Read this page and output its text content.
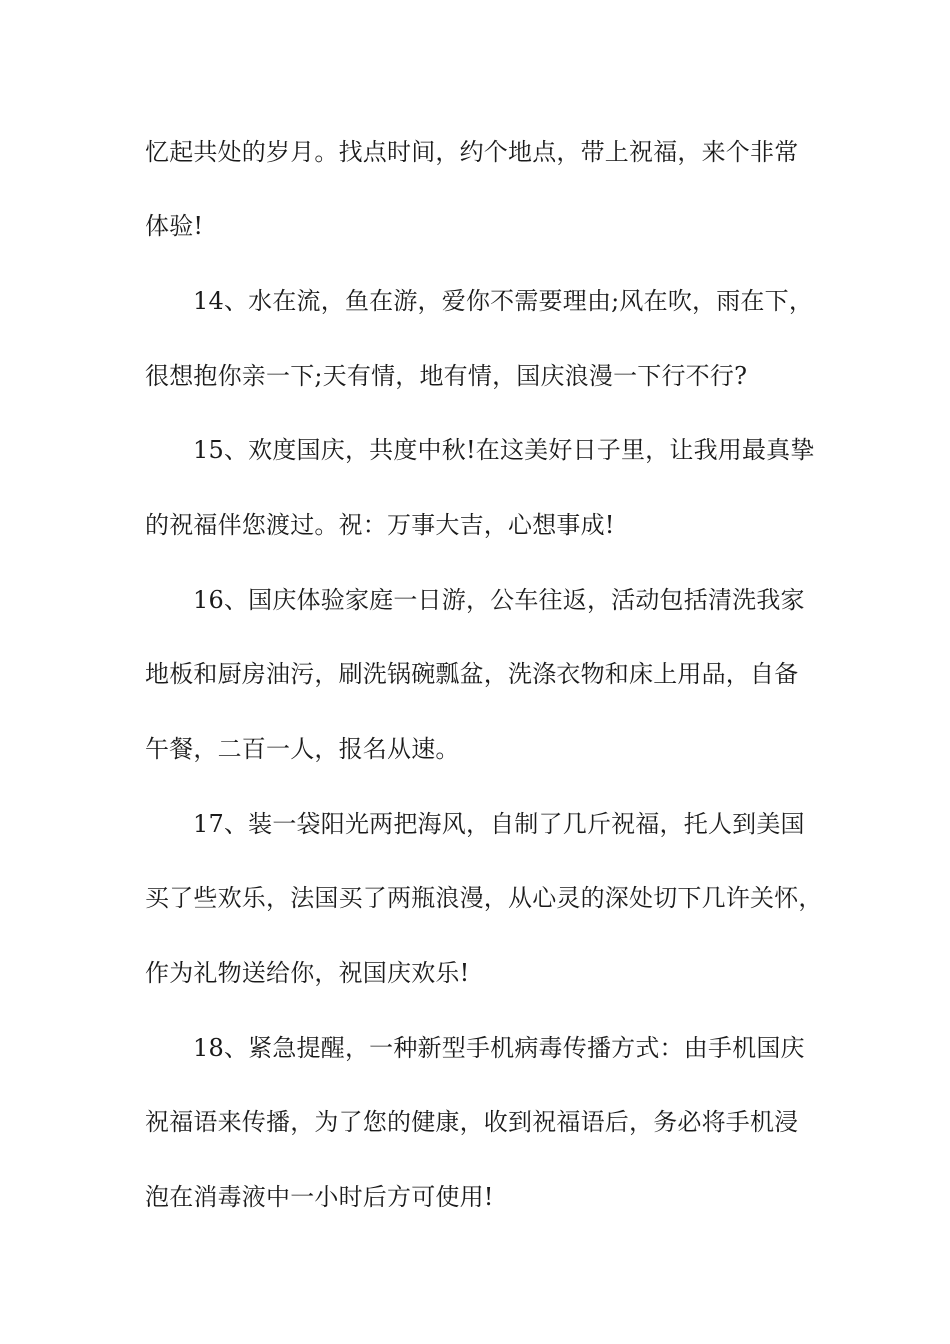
忆起共处的岁月。找点时间，约个地点，带上祝福，来个非常

体验!

14、水在流，鱼在游，爱你不需要理由;风在吹，雨在下，

很想抱你亲一下;天有情，地有情，国庆浪漫一下行不行?

15、欢度国庆，共度中秋!在这美好日子里，让我用最真挚

的祝福伴您渡过。祝：万事大吉，心想事成!

16、国庆体验家庭一日游，公车往返，活动包括清洗我家

地板和厨房油污，刷洗锅碗瓢盆，洗涤衣物和床上用品，自备

午餐，二百一人，报名从速。

17、装一袋阳光两把海风，自制了几斤祝福，托人到美国

买了些欢乐，法国买了两瓶浪漫，从心灵的深处切下几许关怀，

作为礼物送给你，祝国庆欢乐!

18、紧急提醒，一种新型手机病毒传播方式：由手机国庆

祝福语来传播，为了您的健康，收到祝福语后，务必将手机浸

泡在消毒液中一小时后方可使用!
